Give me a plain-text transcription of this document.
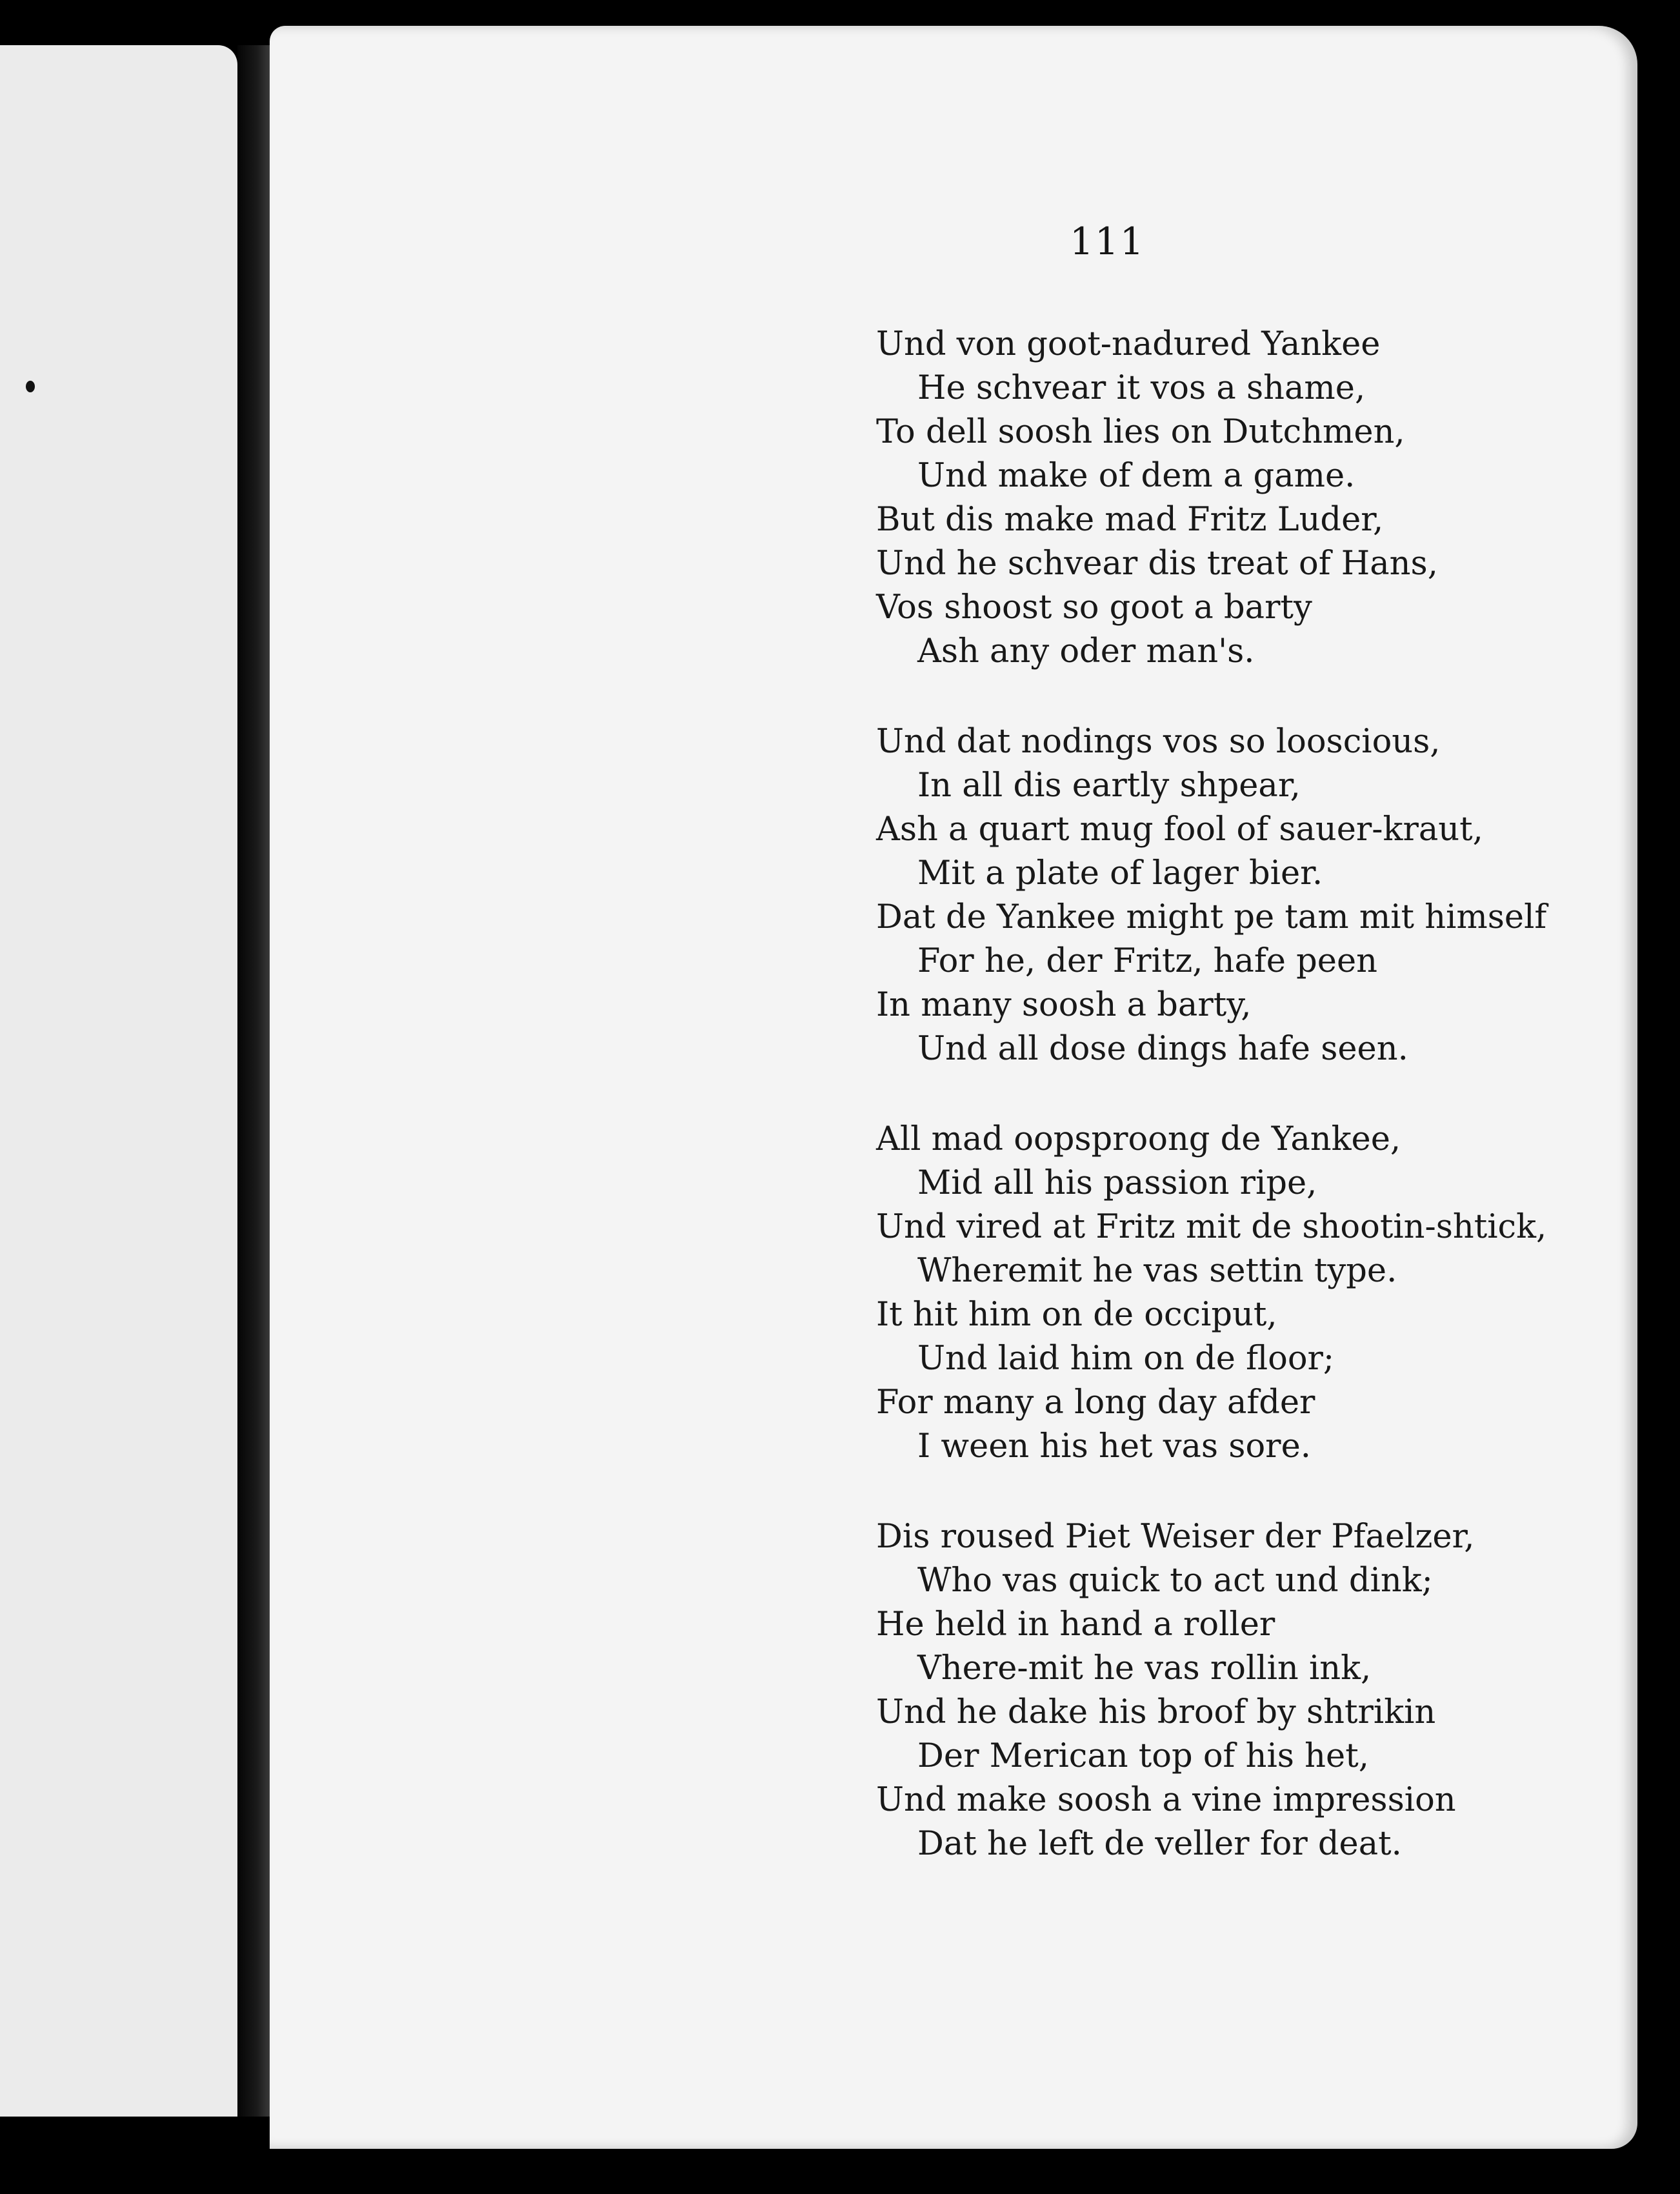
111
Und von goot-nadured Yankee
He schvear it vos a shame,
To dell soosh lies on Dutchmen,
Und make of dem a game.
But dis make mad Fritz Luder,
Und he schvear dis treat of Hans,
Vos shoost so goot a barty
Ash any oder man's.
Und dat nodings vos so looscious,
In all dis eartly shpear,
Ash a quart mug fool of sauer-kraut,
Mit a plate of lager bier.
Dat de Yankee might pe tam mit himself
For he, der Fritz, hafe peen
In many soosh a barty,
Und all dose dings hafe seen.
All mad oopsproong de Yankee,
Mid all his passion ripe,
Und vired at Fritz mit de shootin-shtick,
Wheremit he vas settin type.
It hit him on de occiput,
Und laid him on de floor;
For many a long day afder
I ween his het vas sore.
Dis roused Piet Weiser der Pfaelzer,
Who vas quick to act und dink;
He held in hand a roller
Vhere-mit he vas rollin ink,
Und he dake his broof by shtrikin
Der Merican top of his het,
Und make soosh a vine impression
Dat he left de veller for deat.
